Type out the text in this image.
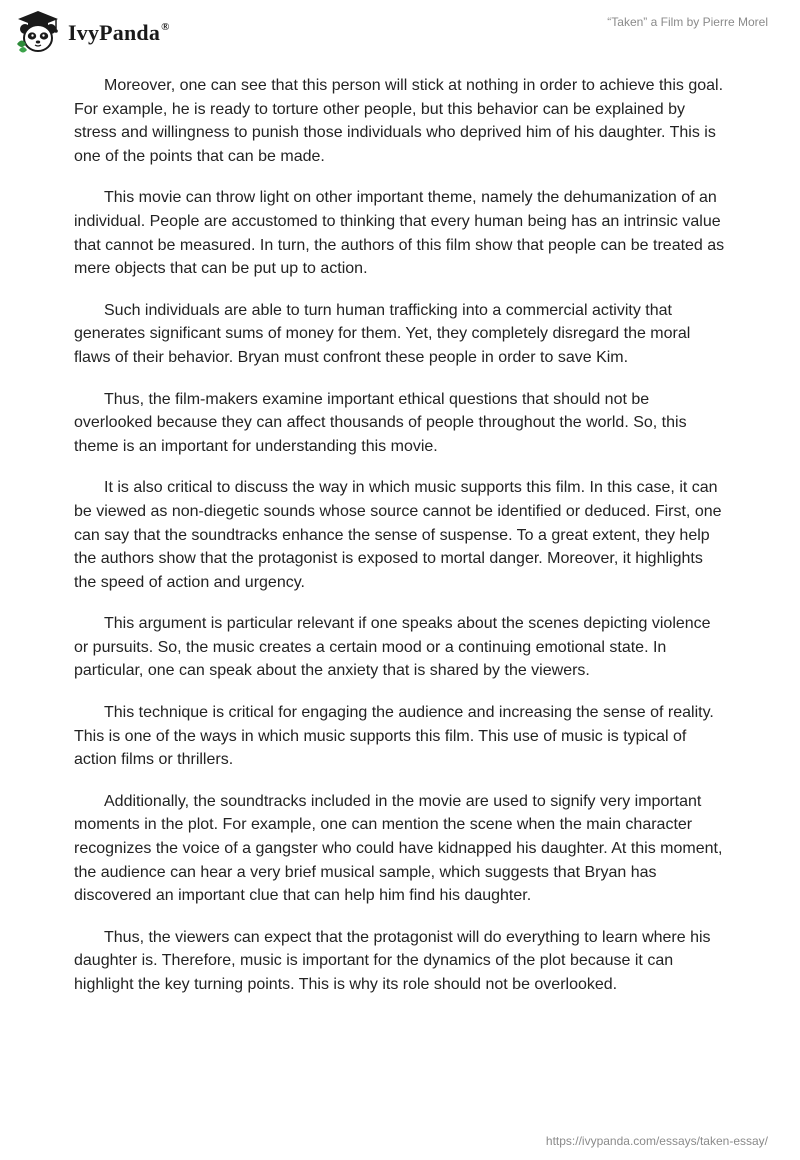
IvyPanda®	“Taken” a Film by Pierre Morel

Moreover, one can see that this person will stick at nothing in order to achieve this goal. For example, he is ready to torture other people, but this behavior can be explained by stress and willingness to punish those individuals who deprived him of his daughter. This is one of the points that can be made.

This movie can throw light on other important theme, namely the dehumanization of an individual. People are accustomed to thinking that every human being has an intrinsic value that cannot be measured. In turn, the authors of this film show that people can be treated as mere objects that can be put up to action.

Such individuals are able to turn human trafficking into a commercial activity that generates significant sums of money for them. Yet, they completely disregard the moral flaws of their behavior. Bryan must confront these people in order to save Kim.

Thus, the film-makers examine important ethical questions that should not be overlooked because they can affect thousands of people throughout the world. So, this theme is an important for understanding this movie.

It is also critical to discuss the way in which music supports this film. In this case, it can be viewed as non-diegetic sounds whose source cannot be identified or deduced. First, one can say that the soundtracks enhance the sense of suspense. To a great extent, they help the authors show that the protagonist is exposed to mortal danger. Moreover, it highlights the speed of action and urgency.

This argument is particular relevant if one speaks about the scenes depicting violence or pursuits. So, the music creates a certain mood or a continuing emotional state. In particular, one can speak about the anxiety that is shared by the viewers.

This technique is critical for engaging the audience and increasing the sense of reality. This is one of the ways in which music supports this film. This use of music is typical of action films or thrillers.

Additionally, the soundtracks included in the movie are used to signify very important moments in the plot. For example, one can mention the scene when the main character recognizes the voice of a gangster who could have kidnapped his daughter. At this moment, the audience can hear a very brief musical sample, which suggests that Bryan has discovered an important clue that can help him find his daughter.

Thus, the viewers can expect that the protagonist will do everything to learn where his daughter is. Therefore, music is important for the dynamics of the plot because it can highlight the key turning points. This is why its role should not be overlooked.

https://ivypanda.com/essays/taken-essay/
